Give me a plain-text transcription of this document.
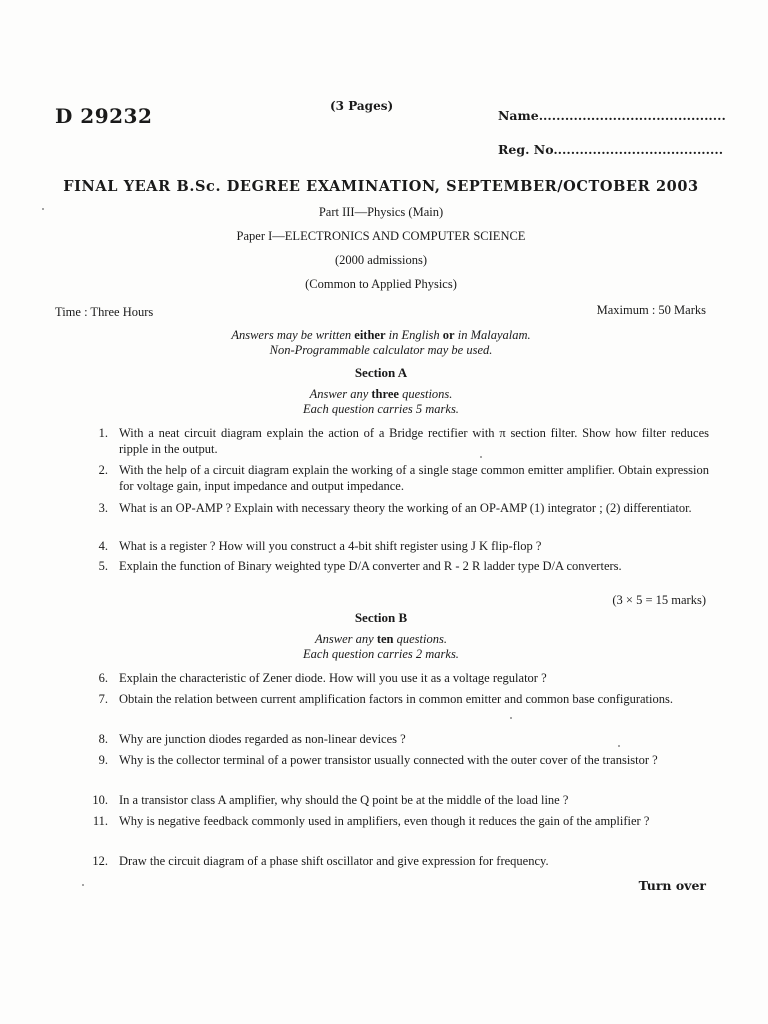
D 29232	(3 Pages)
Name...........................................
Reg. No.......................................
FINAL YEAR B.Sc. DEGREE EXAMINATION, SEPTEMBER/OCTOBER 2003
Part III—Physics (Main)
Paper I—ELECTRONICS AND COMPUTER SCIENCE
(2000 admissions)
(Common to Applied Physics)
Time : Three Hours	Maximum : 50 Marks
Answers may be written either in English or in Malayalam.
Non-Programmable calculator may be used.
Section A
Answer any three questions.
Each question carries 5 marks.
1. With a neat circuit diagram explain the action of a Bridge rectifier with π section filter. Show how filter reduces ripple in the output.
2. With the help of a circuit diagram explain the working of a single stage common emitter amplifier. Obtain expression for voltage gain, input impedance and output impedance.
3. What is an OP-AMP ? Explain with necessary theory the working of an OP-AMP (1) integrator ; (2) differentiator.
4. What is a register ? How will you construct a 4-bit shift register using J K flip-flop ?
5. Explain the function of Binary weighted type D/A converter and R - 2 R ladder type D/A converters.
(3 × 5 = 15 marks)
Section B
Answer any ten questions.
Each question carries 2 marks.
6. Explain the characteristic of Zener diode. How will you use it as a voltage regulator ?
7. Obtain the relation between current amplification factors in common emitter and common base configurations.
8. Why are junction diodes regarded as non-linear devices ?
9. Why is the collector terminal of a power transistor usually connected with the outer cover of the transistor ?
10. In a transistor class A amplifier, why should the Q point be at the middle of the load line ?
11. Why is negative feedback commonly used in amplifiers, even though it reduces the gain of the amplifier ?
12. Draw the circuit diagram of a phase shift oscillator and give expression for frequency.
Turn over
